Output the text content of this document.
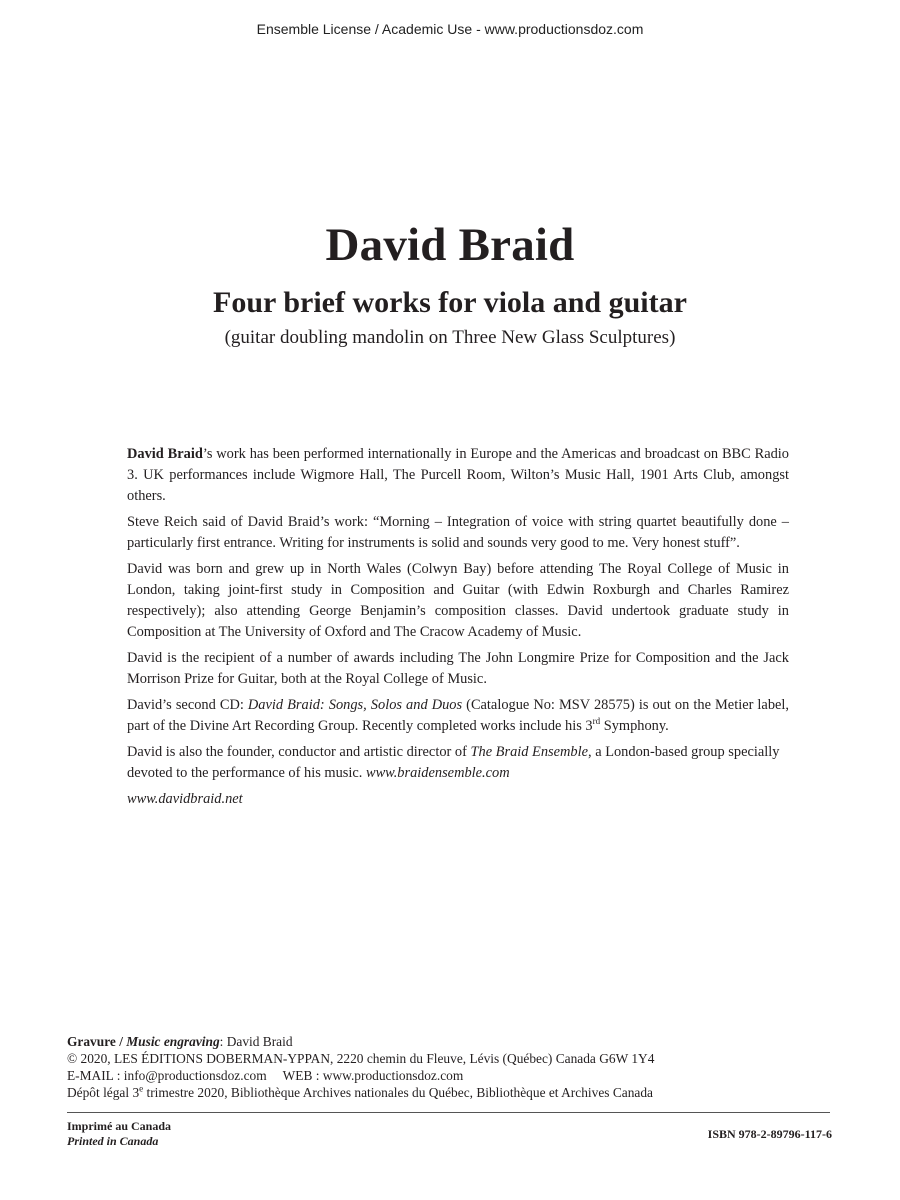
Ensemble License / Academic Use - www.productionsdoz.com
David Braid
Four brief works for viola and guitar
(guitar doubling mandolin on Three New Glass Sculptures)

David Braid’s work has been performed internationally in Europe and the Americas and broadcast on BBC Radio 3. UK performances include Wigmore Hall, The Purcell Room, Wilton’s Music Hall, 1901 Arts Club, amongst others.

Steve Reich said of David Braid’s work: “Morning – Integration of voice with string quartet beautifully done – particularly first entrance. Writing for instruments is solid and sounds very good to me. Very honest stuff”.

David was born and grew up in North Wales (Colwyn Bay) before attending The Royal College of Music in London, taking joint-first study in Composition and Guitar (with Edwin Roxburgh and Charles Ramirez respectively); also attending George Benjamin’s composition classes. David undertook graduate study in Composition at The University of Oxford and The Cracow Academy of Music.

David is the recipient of a number of awards including The John Longmire Prize for Composition and the Jack Morrison Prize for Guitar, both at the Royal College of Music.

David’s second CD: David Braid: Songs, Solos and Duos (Catalogue No: MSV 28575) is out on the Metier label, part of the Divine Art Recording Group. Recently completed works include his 3rd Symphony.

David is also the founder, conductor and artistic director of The Braid Ensemble, a London-based group specially devoted to the performance of his music. www.braidensemble.com

www.davidbraid.net

Gravure / Music engraving: David Braid
© 2020, LES ÉDITIONS DOBERMAN-YPPAN, 2220 chemin du Fleuve, Lévis (Québec) Canada G6W 1Y4
E-MAIL : info@productionsdoz.com WEB : www.productionsdoz.com
Dépôt légal 3e trimestre 2020, Bibliothèque Archives nationales du Québec, Bibliothèque et Archives Canada
Imprimé au Canada
Printed in Canada	ISBN 978-2-89796-117-6
